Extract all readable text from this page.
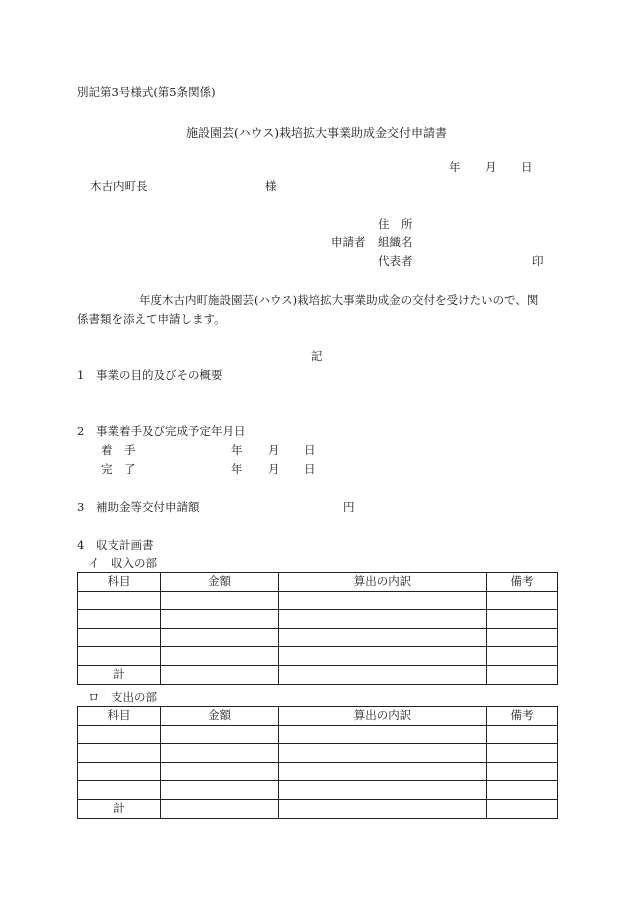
別記第3号様式(第5条関係)
施設園芸(ハウス)栽培拡大事業助成金交付申請書
年 月 日
木古内町長	様
住　所
申請者 組織名
代表者	印
年度木古内町施設園芸(ハウス)栽培拡大事業助成金の交付を受けたいので、関
係書類を添えて申請します。
記
1 事業の目的及びその概要
2 事業着手及び完成予定年月日
着　手	年 月 日
完　了	年 月 日
3 補助金等交付申請額	円
4 収支計画書
イ　収入の部
科目	金額	算出の内訳	備考

計			
ロ　支出の部
科目	金額	算出の内訳	備考

計			
